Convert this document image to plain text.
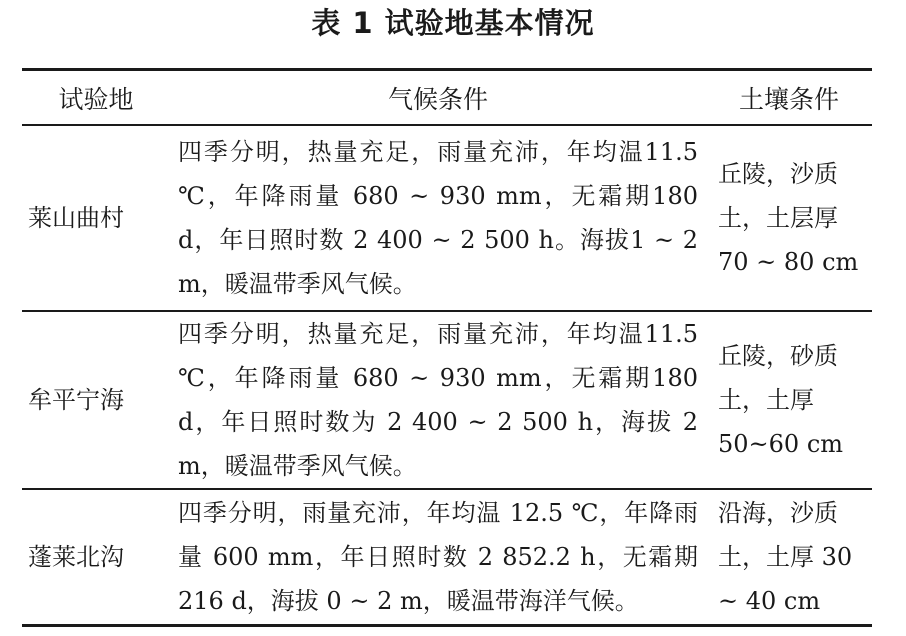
表 1 试验地基本情况
试验地	气候条件	土壤条件
莱山曲村	四季分明，热量充足，雨量充沛，年均温11.5 ℃，年降雨量 680 ~ 930 mm，无霜期180 d，年日照时数 2 400 ~ 2 500 h。海拔1 ~ 2 m，暖温带季风气候。	丘陵，沙质土，土层厚 70 ~ 80 cm
牟平宁海	四季分明，热量充足，雨量充沛，年均温11.5 ℃，年降雨量 680 ~ 930 mm，无霜期180 d，年日照时数为 2 400 ~ 2 500 h，海拔 2 m，暖温带季风气候。	丘陵，砂质土，土厚50~60 cm
蓬莱北沟	四季分明，雨量充沛，年均温 12.5 ℃，年降雨量 600 mm，年日照时数 2 852.2 h，无霜期216 d，海拔 0 ~ 2 m，暖温带海洋气候。	沿海，沙质土，土厚 30 ~ 40 cm
